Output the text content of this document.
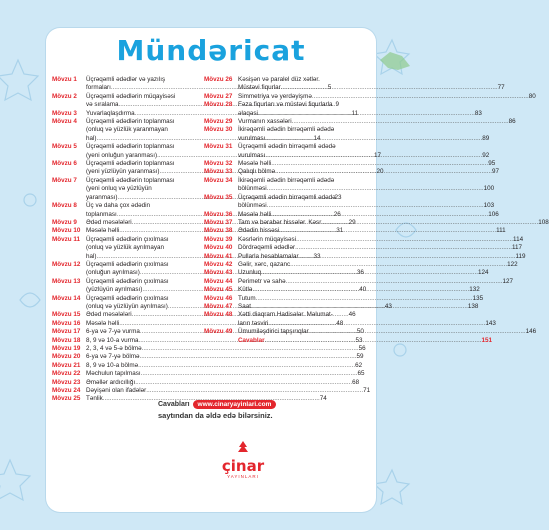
Mündəricat
Mövzu 1	Üçrəqəmli ədədlər və yazılış
formaları .....	5
Mövzu 2	Üçrəqəmli ədədlərin müqayisəsi
və sıralama .....	9
Mövzu 3	Yuvarlaqlaşdırma .....	11
Mövzu 4	Üçrəqəmli ədədlərin toplanması
(onluq və yüzlük yaranmayan
hal) .....	14
Mövzu 5	Üçrəqəmli ədədlərin toplanması
(yeni onluğun yaranması) .....	17
Mövzu 6	Üçrəqəmli ədədlərin toplanması
(yeni yüzlüyün yaranması) .....	20
Mövzu 7	Üçrəqəmli ədədlərin toplanması
(yeni onluq və yüzlüyün
yaranması) .....	23
Mövzu 8	Üç və daha çox ədədin
toplanması .....	26
Mövzu 9	Ədəd məsələləri .....	29
Mövzu 10 Məsələ həlli .....	31
Mövzu 11 Üçrəqəmli ədədlərin çıxılması
(onluq və yüzlük ayrılmayan
hal) .....	33
Mövzu 12 Üçrəqəmli ədədlərin çıxılması
(onluğun ayrılması) .....	36
Mövzu 13 Üçrəqəmli ədədlərin çıxılması
(yüzlüyün ayrılması) .....	40
Mövzu 14 Üçrəqəmli ədədlərin çıxılması
(onluq və yüzlüyün ayrılması) .....	43
Mövzu 15 Ədəd məsələləri .....	46
Mövzu 16 Məsələ həlli .....	48
Mövzu 17 6-ya və 7-yə vurma .....	50
Mövzu 18 8, 9 və 10-a vurma .....	53
Mövzu 19 2, 3, 4 və 5-ə bölmə .....	56
Mövzu 20 6-ya və 7-yə bölmə .....	59
Mövzu 21 8, 9 və 10-a bölmə .....	62
Mövzu 22 Məchulun tapılması .....	65
Mövzu 23 Əməllər ardıcıllığı .....	68
Mövzu 24 Dəyişəni olan ifadələr .....	71
Mövzu 25 Tənlik .....	74
Mövzu 26 Kəsişən və paralel düz xətlər.
Müstəvi fiqurlar .....	77
Mövzu 27 Simmetriya və yerdəyişmə .....	80
Mövzu 28 Fəza fiqurları və müstəvi fiqurlarla
əlaqəsi .....	83
Mövzu 29 Vurmanın xassələri .....	86
Mövzu 30 İkirəqəmli ədədin birrəqəmli ədədə
vurulması .....	89
Mövzu 31 Üçrəqəmli ədədin birrəqəmli ədədə
vurulması .....	92
Mövzu 32 Məsələ həlli .....	95
Mövzu 33 Qalıqlı bölmə .....	97
Mövzu 34 İkirəqəmli ədədin birrəqəmli ədədə
bölünməsi .....	100
Mövzu 35 Üçrəqəmli ədədin birrəqəmli ədədə
bölünməsi .....	103
Mövzu 36 Məsələ həlli .....	106
Mövzu 37 Tam və bərabər hissələr. Kəsr .....	108
Mövzu 38 Ədədin hissəsi .....	111
Mövzu 39 Kəsrlərin müqayisəsi .....	114
Mövzu 40 Dördrəqəmli ədədlər .....	117
Mövzu 41 Pullarla hesablamalar .....	119
Mövzu 42 Gəlir, xərc, qazanc .....	122
Mövzu 43 Uzunluq .....	124
Mövzu 44 Perimetr və sahə .....	127
Mövzu 45 Kütlə .....	132
Mövzu 46 Tutum .....	135
Mövzu 47 Saat .....	138
Mövzu 48 Xətti diaqram.Hadisələr. Məlumat-
ların təsviri .....	143
Mövzu 49 Ümumiləşdirici tapşırıqlar .....	146
Cavablar .....	151
Cavabları	www.cinaryayinlari.com
saytından da əldə edə bilərsiniz.
çinar
YAYINLARI
